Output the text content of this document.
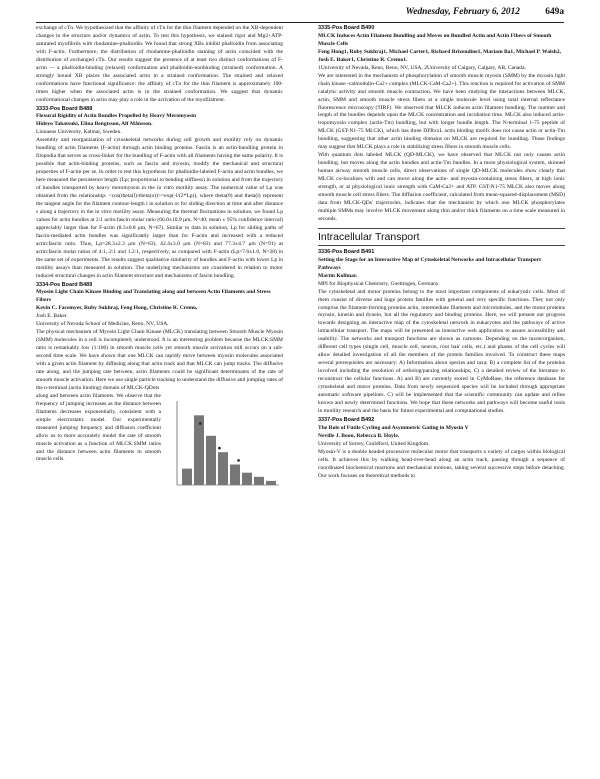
Wednesday, February 6, 2012	649a

exchange of cTn. We hypothesized that the affinity of cTn for the thin filament depended on the XB-dependent changes in the structure and/or dynamics of actin. To test this hypothesis, we stained rigor and Mg2+ATP-saturated myofibrils with rhodamine-phalloidin. We found that strong XBs inhibit phalloidin from associating with F-actin. Furthermore, the distribution of rhodamine-phalloidin staining of actin coincided with the distribution of exchanged cTn. Our results suggest the presence of at least two distinct conformations of F-actin — a phalloidin-binding (relaxed) conformation and phalloidin-nonbinding (strained) conformation. A strongly bound XB places the associated actin in a strained conformation. The strained and relaxed conformations have functional significance: the affinity of cTn for the thin filament is approximately 100-times higher when the associated actin is in the strained conformation. We suggest that dynamic conformational changes in actin may play a role in the activation of the myofilament.

3333-Pos Board B488
Flexural Rigidity of Actin Bundles Propelled by Heavy Meromyosin
Hideyo Takatsuki, Elina Bengtsson, Alf Månsson.
Linnaeus University, Kalmar, Sweden.

Assembly and reorganization of cytoskeletal networks during cell growth and motility rely on dynamic bundling of actin filaments (F-actin) through actin binding proteins. Fascin is an actin-bundling protein in filopodia that serves as cross-linker for the bundling of F-actin with all filaments having the same polarity. It is possible that actin-binding proteins, such as fascin and myosin, modify the mechanical and structural properties of F-actin per se. In order to test this hypothesis for phalloidin-labeled F-actin and actin bundles, we here measured the persistence length (Lp; proportional to bending stiffness) in solution and from the trajectory of bundles transported by heavy meromyosin in the in vitro motility assay. The numerical value of Lp was obtained from the relationship: <cos(theta(l)-theta(o))>=exp(-l/(2*Lp)), where theta(0) and theta(l) represent the tangent angle for the filament contour-length l in solution or for sliding direction at time and after distance s along a trajectory in the in vitro motility assay. Measuring the thermal fluctuations in solution, we found Lp values for actin bundles at 2:1 actin:fascin molar ratio (66.0±10.9 μm, N=40; mean ± 95% confidence interval) appreciably larger than for F-actin (8.3±0.8 μm, N=67). Similar to data in solution, Lp for sliding paths of fascin-mediated actin bundles was significantly larger than for F-actin and increased with a reduced actin:fascin ratio. Thus, Lp=28.3±2.3 μm (N=63), 42.4±3.0 μm (N=83) and 77.3±4.7 μm (N=91) at actin:fascin molar ratios of 4:1, 2:1 and 1.2:1, respectively, as compared with F-actin (Lp=7.6±1.0, N=28) in the same set of experiments. The results suggest qualitative similarity of bundles and F-actin with lower Lp in motility assays than measured in solution. The underlying mechanisms are considered in relation to motor induced structural changes in actin filament structure and mechanisms of fascin bundling.

3334-Pos Board B489
Myosin Light Chain Kinase Binding and Translating along and between Actin Filaments and Stress Fibers
Kevin C. Facemyer, Ruby Sukhraj, Feng Hong, Christine R. Cremo,
Josh E. Baker.
University of Nevada School of Medicine, Reno, NV, USA.

The physical mechanism of Myosin Light Chain Kinase (MLCK) translating between Smooth Muscle Myosin (SMM) molecules in a cell is incompletely understood. It is an interesting problem because the MLCK:SMM ratio is remarkably low (1:100) in smooth muscle cells yet smooth muscle activation still occurs on a sub-second time scale. We have shown that one MLCK can rapidly move between myosin molecules associated with a given actin filament by diffusing along that actin track and that MLCK can jump tracks. The diffusive rate along, and the jumping rate between, actin filaments could be significant determinants of the rate of smooth muscle activation. Here we use single particle tracking to understand the diffusive and jumping rates of the n-terminal (actin binding) domain of MLCK-QDots

along and between actin filaments. We observe that the frequency of jumping increases as the distance between filaments decreases exponentially, consistent with a simple electrostatic model. Our experimentally measured jumping frequency and diffusion coefficient allow us to more accurately model the rate of smooth muscle activation as a function of MLCK:SMM ratios and the distance between actin filaments in smooth muscle cells.

3335-Pos Board B490
MLCK Induces Actin Filament Bundling and Moves on Bundled Actin and Actin Fibers of Smooth Muscle Cells
Feng Hong1, Ruby Sukhraj1, Michael Carter1, Richard Brizendine1, Mariam Ba1, Michael P. Walsh2, Josh E. Baker1, Christine R. Cremo1.
1University of Nevada, Reno, Reno, NV, USA, 2University of Calgary, Calgary, AB, Canada.

We are interested in the mechanism of phosphorylation of smooth muscle myosin (SMM) by the myosin light chain kinase -calmodulin-Ca2+ complex (MLCK-CaM-Ca2+). This reaction is required for activation of SMM catalytic activity and smooth muscle contraction. We have been studying the interactions between MLCK, actin, SMM and smooth muscle stress fibers at a single molecule level using total internal reflectance fluorescence microscopy (TIRF). We observed that MLCK induces actin filament bundling. The number and length of the bundles depends upon the MLCK concentration and incubation time. MLCK also induced actin-tropomyosin complex (actin-Tm) bundling, but with longer bundle length. The N-terminal 1-75 peptide of MLCK (GST-N1-75 MLCK), which has three DFRxxL actin binding motifs does not cause actin or actin-Tm bundling, suggesting that other actin binding domains on MLCK are required for bundling. These findings may suggest that MLCK plays a role in stabilizing stress fibers in smooth muscle cells.

With quantum dots labeled MLCK (QD-MLCK), we have observed that MLCK not only causes actin bundling, but moves along the actin bundles and actin-Tm bundles. In a more physiological system, skinned human airway smooth muscle cells, direct observations of single QD-MLCK molecules show clearly that MLCK co-localizes with and can move along the actin- and myosin-containing stress fibers, at high ionic strength, or at physiological ionic strength with CaM-Ca2+ and ATP. GST-N1-75 MLCK also moves along smooth muscle cell stress fibers. The diffusion coefficient, calculated from mean-squared-displacement (MSD) data from MLCK-QDs' trajectories, indicates that the mechanism by which one MLCK phosphorylates multiple SMMs may involve MLCK movement along thin and/or thick filaments on a time scale measured in seconds.

Intracellular Transport
3336-Pos Board B491
Setting the Stage for an Interactive Map of Cytoskeletal Networks and Intracellular Transport Pathways
Martin Kollmar.
MPI for Biophysical Chemistry, Goettingen, Germany.

The cytoskeletal and motor proteins belong to the most important components of eukaryotic cells. Most of them consist of diverse and huge protein families with general and very specific functions. They not only comprise the filament-forming proteins actin, intermediate filaments and microtubules, and the motor proteins myosin, kinesin and dynein, but all the regulatory and binding proteins. Here, we will present our progress towards designing an interactive map of the cytoskeletal network in eukaryotes and the pathways of active intracellular transport. The maps will be presented as interactive web application to assure accessibility and usability. The networks and transport functions are shown as cartoons. Depending on the taxon/organism, different cell types (single cell, muscle cell, neuron, root hair cells, etc.) and phases of the cell cycles will allow detailed investigation of all the members of the protein families involved. To construct these maps several prerequisites are necessary: A) Information about species and taxa; B) a complete list of the proteins involved including the resolution of ortholog/paralog relationships; C) a detailed review of the literature to reconstruct the cellular functions. A) and B) are currently stored in CyMoBase, the reference database for cytoskeletal and motor proteins. Data from newly sequenced species will be included through appropriate automatic software pipelines. C) will be implemented that the scientific community can update and refine known and newly determined functions. We hope that these networks and pathways will become useful tools in motility research and the basis for future experimental and computational studies.

3337-Pos Board B492
The Role of Futile Cycling and Asymmetric Gating in Myosin V
Neville J. Boon, Rebecca B. Hoyle.
University of Surrey, Guildford, United Kingdom.

Myosin-V is a double headed processive molecular motor that transports a variety of cargos within biological cells. It achieves this by walking head-over-head along an actin track, passing through a sequence of coordinated biochemical reactions and mechanical motions, taking several successive steps before detaching. Our work focuses on theoretical methods to
